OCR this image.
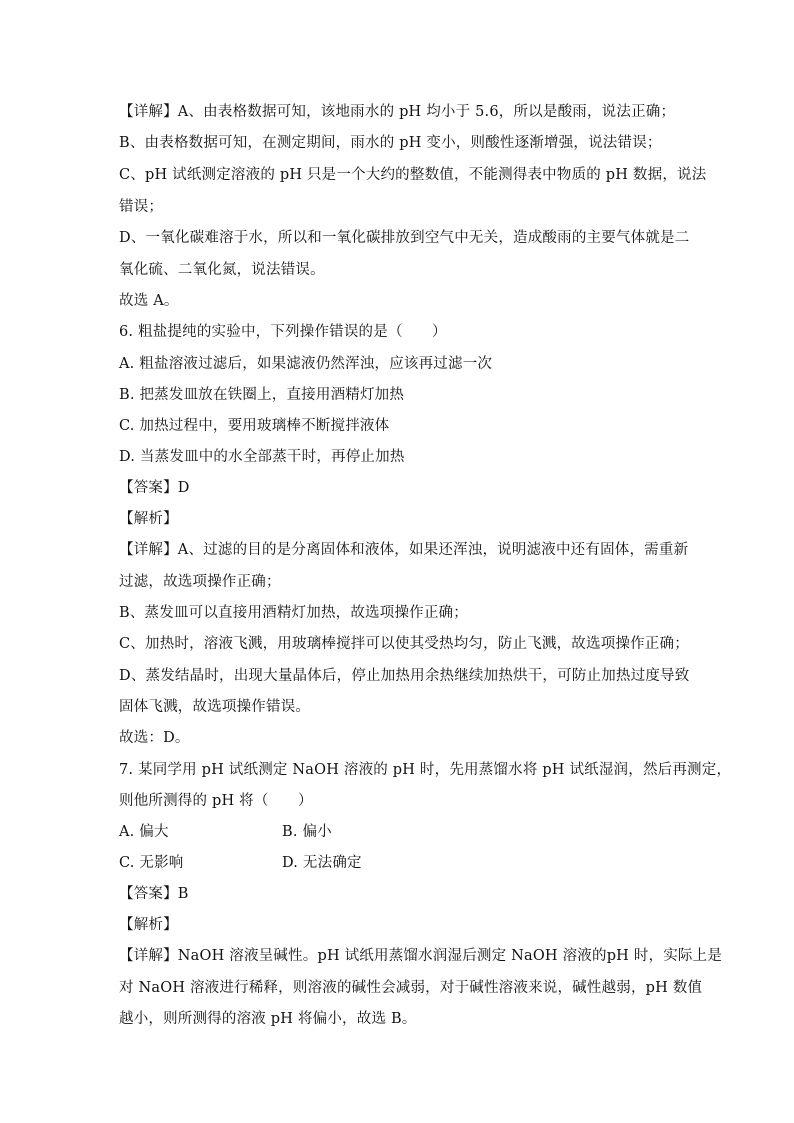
【详解】A、由表格数据可知，该地雨水的 pH 均小于 5.6，所以是酸雨，说法正确；
B、由表格数据可知，在测定期间，雨水的 pH 变小，则酸性逐渐增强，说法错误；
C、pH 试纸测定溶液的 pH 只是一个大约的整数值，不能测得表中物质的 pH 数据，说法
错误；
D、一氧化碳难溶于水，所以和一氧化碳排放到空气中无关，造成酸雨的主要气体就是二
氧化硫、二氧化氮，说法错误。
故选 A。
6. 粗盐提纯的实验中，下列操作错误的是（　　）
A. 粗盐溶液过滤后，如果滤液仍然浑浊，应该再过滤一次
B. 把蒸发皿放在铁圈上，直接用酒精灯加热
C. 加热过程中，要用玻璃棒不断搅拌液体
D. 当蒸发皿中的水全部蒸干时，再停止加热
【答案】D
【解析】
【详解】A、过滤的目的是分离固体和液体，如果还浑浊，说明滤液中还有固体，需重新
过滤，故选项操作正确；
B、蒸发皿可以直接用酒精灯加热，故选项操作正确；
C、加热时，溶液飞溅，用玻璃棒搅拌可以使其受热均匀，防止飞溅，故选项操作正确；
D、蒸发结晶时，出现大量晶体后，停止加热用余热继续加热烘干，可防止加热过度导致
固体飞溅，故选项操作错误。
故选：D。
7. 某同学用 pH 试纸测定 NaOH 溶液的 pH 时，先用蒸馏水将 pH 试纸湿润，然后再测定，
则他所测得的 pH 将（　　）
A. 偏大	B. 偏小
C. 无影响	D. 无法确定
【答案】B
【解析】
【详解】NaOH 溶液呈碱性。pH 试纸用蒸馏水润湿后测定 NaOH 溶液的pH 时，实际上是
对 NaOH 溶液进行稀释，则溶液的碱性会减弱，对于碱性溶液来说，碱性越弱，pH 数值
越小，则所测得的溶液 pH 将偏小，故选 B。
